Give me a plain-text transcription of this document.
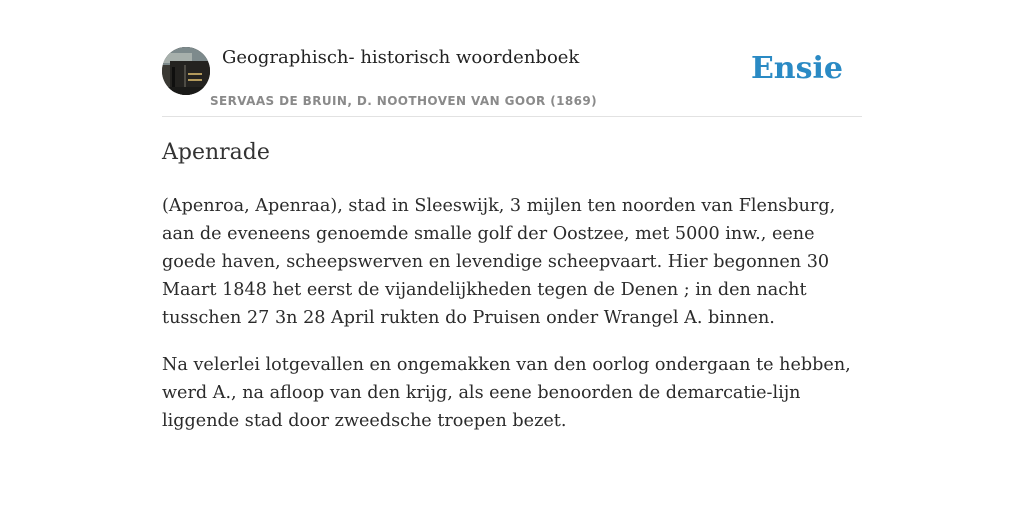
Geographisch- historisch woordenboek
SERVAAS DE BRUIN, D. NOOTHOVEN VAN GOOR (1869)
Ensie
Apenrade

(Apenroa, Apenraa), stad in Sleeswijk, 3 mijlen ten noorden van Flensburg, aan de eveneens genoemde smalle golf der Oostzee, met 5000 inw., eene goede haven, scheepswerven en levendige scheepvaart. Hier begonnen 30 Maart 1848 het eerst de vijandelijkheden tegen de Denen ; in den nacht tusschen 27 3n 28 April rukten do Pruisen onder Wrangel A. binnen.

Na velerlei lotgevallen en ongemakken van den oorlog ondergaan te hebben, werd A., na afloop van den krijg, als eene benoorden de demarcatie-lijn liggende stad door zweedsche troepen bezet.
